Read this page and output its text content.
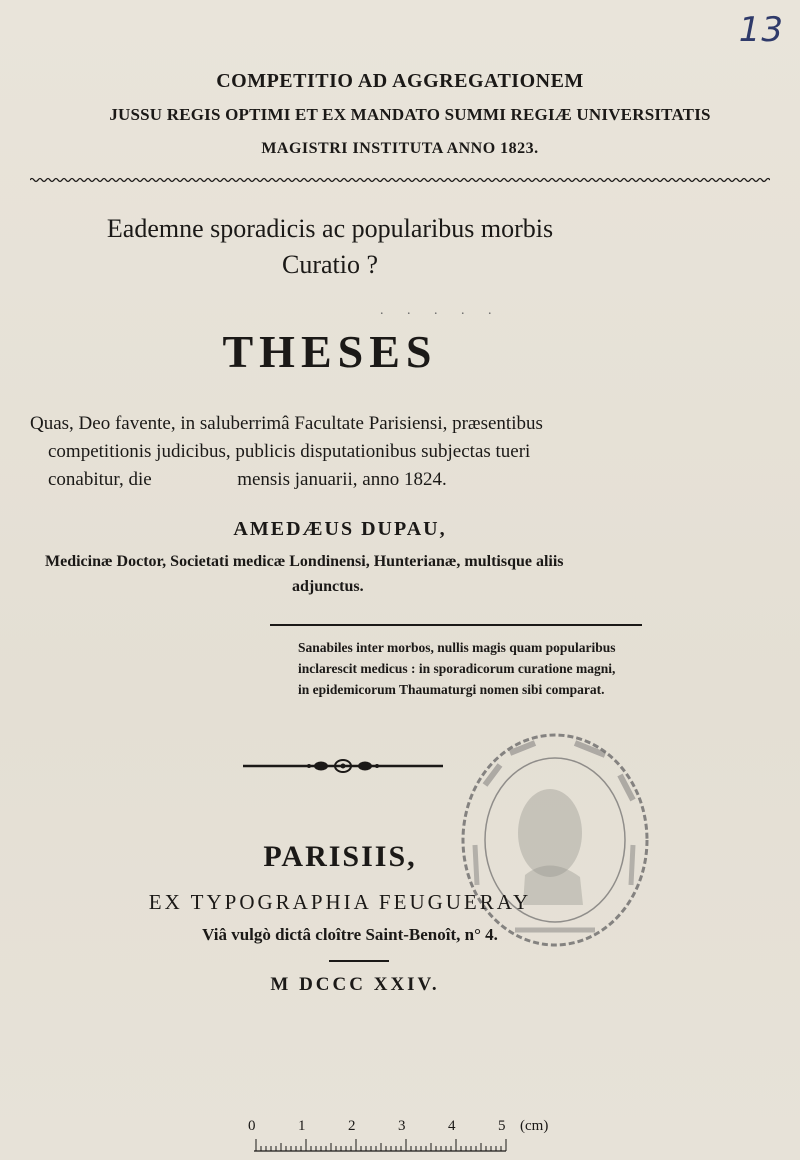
13
COMPETITIO AD AGGREGATIONEM
JUSSU REGIS OPTIMI ET EX MANDATO SUMMI REGIÆ UNIVERSITATIS
MAGISTRI INSTITUTA ANNO 1823.
Eademne sporadicis ac popularibus morbis
Curatio ?
. . . . .
THESES
Quas, Deo favente, in saluberrimâ Facultate Parisiensi, præsentibus
competitionis judicibus, publicis disputationibus subjectas tueri
conabitur, die                  mensis januarii, anno 1824.
AMEDÆUS DUPAU,
Medicinæ Doctor, Societati medicæ Londinensi, Hunterianæ, multisque aliis
adjunctus.
Sanabiles inter morbos, nullis magis quam popularibus
inclarescit medicus : in sporadicorum curatione magni,
in epidemicorum Thaumaturgi nomen sibi comparat.
PARISIIS,
EX TYPOGRAPHIA FEUGUERAY
Viâ vulgò dictâ cloître Saint-Benoît, n° 4.
M DCCC XXIV.
0	1	2	3	4	5 (cm)
